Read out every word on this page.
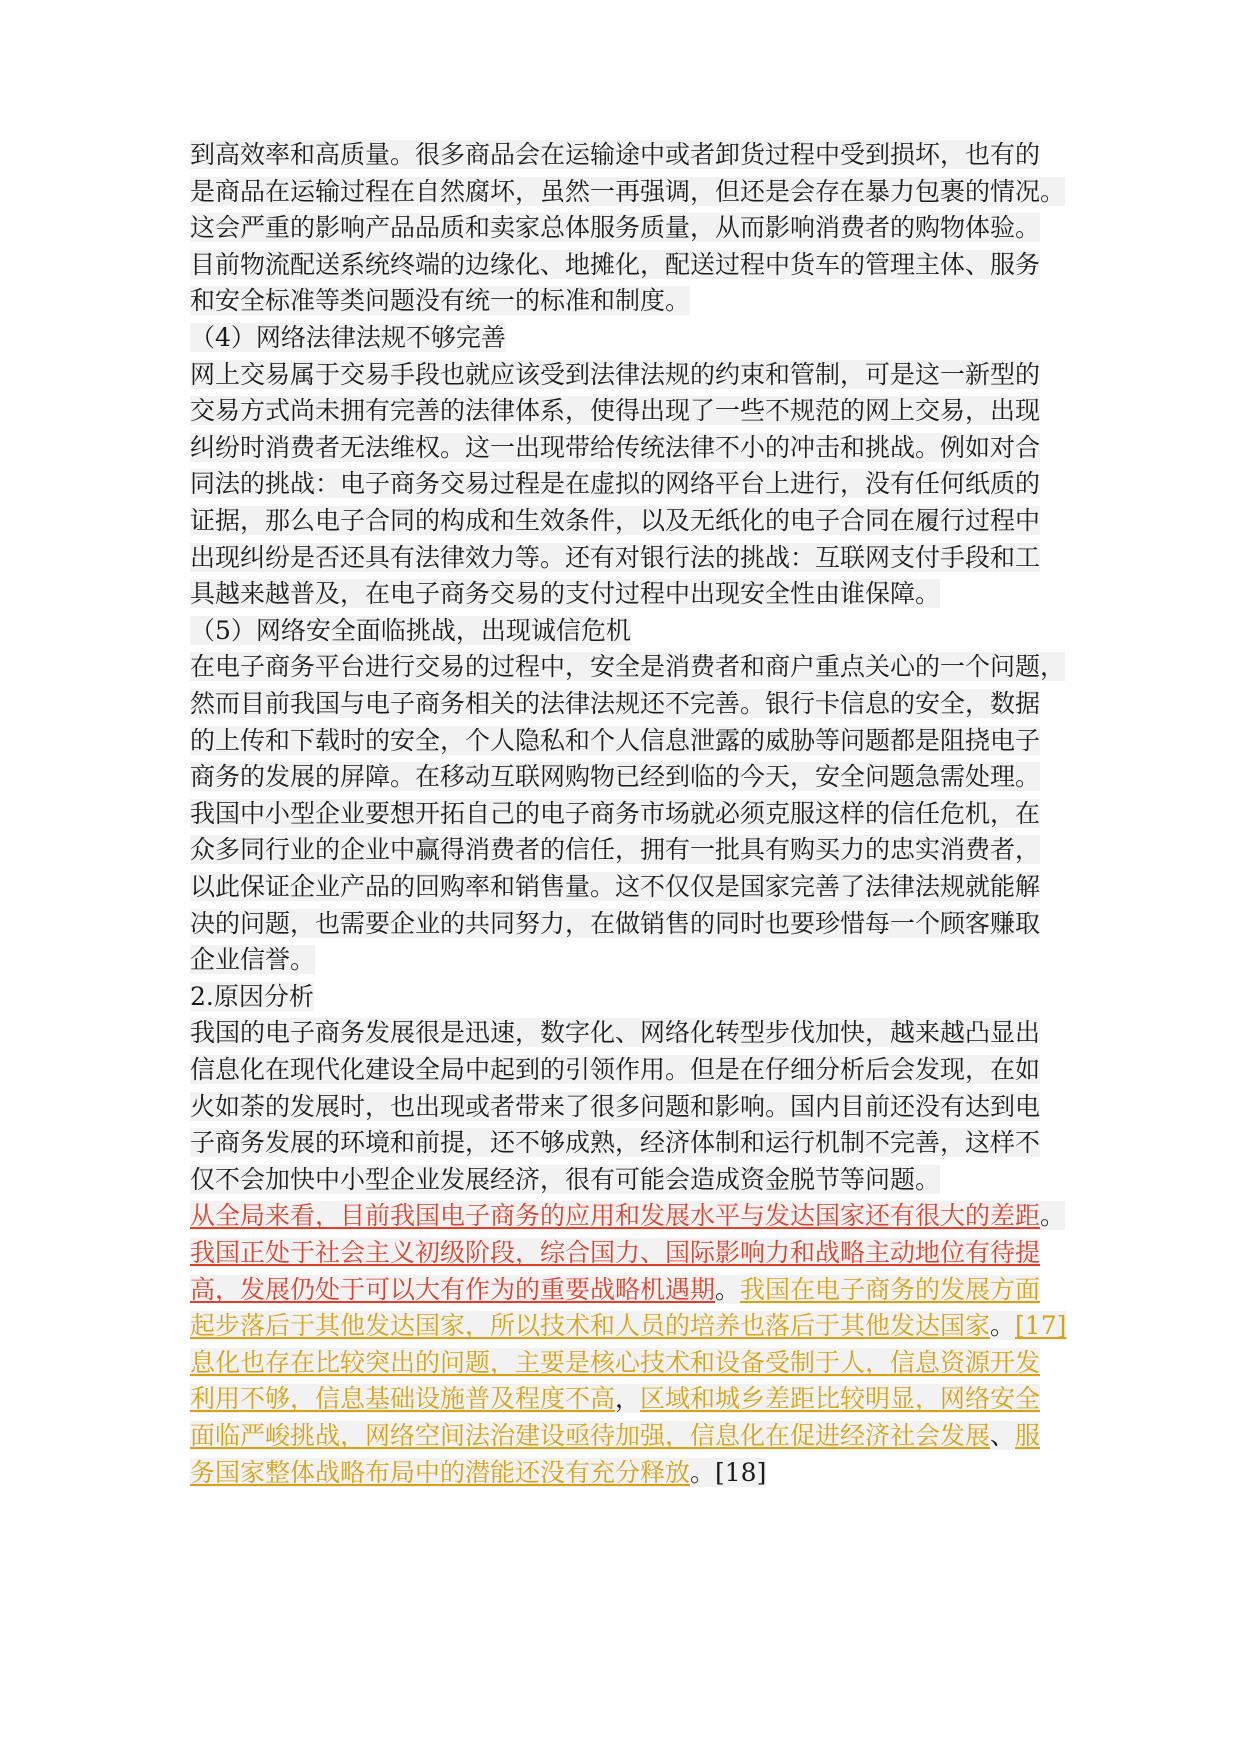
到高效率和高质量。很多商品会在运输途中或者卸货过程中受到损坏，也有的
是商品在运输过程在自然腐坏，虽然一再强调，但还是会存在暴力包裹的情况。
这会严重的影响产品品质和卖家总体服务质量，从而影响消费者的购物体验。
目前物流配送系统终端的边缘化、地摊化，配送过程中货车的管理主体、服务
和安全标准等类问题没有统一的标准和制度。
（4）网络法律法规不够完善
网上交易属于交易手段也就应该受到法律法规的约束和管制，可是这一新型的
交易方式尚未拥有完善的法律体系，使得出现了一些不规范的网上交易，出现
纠纷时消费者无法维权。这一出现带给传统法律不小的冲击和挑战。例如对合
同法的挑战：电子商务交易过程是在虚拟的网络平台上进行，没有任何纸质的
证据，那么电子合同的构成和生效条件，以及无纸化的电子合同在履行过程中
出现纠纷是否还具有法律效力等。还有对银行法的挑战：互联网支付手段和工
具越来越普及，在电子商务交易的支付过程中出现安全性由谁保障。
（5）网络安全面临挑战，出现诚信危机
在电子商务平台进行交易的过程中，安全是消费者和商户重点关心的一个问题，
然而目前我国与电子商务相关的法律法规还不完善。银行卡信息的安全，数据
的上传和下载时的安全，个人隐私和个人信息泄露的威胁等问题都是阻挠电子
商务的发展的屏障。在移动互联网购物已经到临的今天，安全问题急需处理。
我国中小型企业要想开拓自己的电子商务市场就必须克服这样的信任危机，在
众多同行业的企业中赢得消费者的信任，拥有一批具有购买力的忠实消费者，
以此保证企业产品的回购率和销售量。这不仅仅是国家完善了法律法规就能解
决的问题，也需要企业的共同努力，在做销售的同时也要珍惜每一个顾客赚取
企业信誉。
2.原因分析
我国的电子商务发展很是迅速，数字化、网络化转型步伐加快，越来越凸显出
信息化在现代化建设全局中起到的引领作用。但是在仔细分析后会发现，在如
火如荼的发展时，也出现或者带来了很多问题和影响。国内目前还没有达到电
子商务发展的环境和前提，还不够成熟，经济体制和运行机制不完善，这样不
仅不会加快中小型企业发展经济，很有可能会造成资金脱节等问题。
从全局来看，目前我国电子商务的应用和发展水平与发达国家还有很大的差距。
我国正处于社会主义初级阶段，综合国力、国际影响力和战略主动地位有待提
高，发展仍处于可以大有作为的重要战略机遇期。我国在电子商务的发展方面
起步落后于其他发达国家，所以技术和人员的培养也落后于其他发达国家。[17]
息化也存在比较突出的问题，主要是核心技术和设备受制于人，信息资源开发
利用不够，信息基础设施普及程度不高，区域和城乡差距比较明显，网络安全
面临严峻挑战，网络空间法治建设亟待加强，信息化在促进经济社会发展、服
务国家整体战略布局中的潜能还没有充分释放。[18]
